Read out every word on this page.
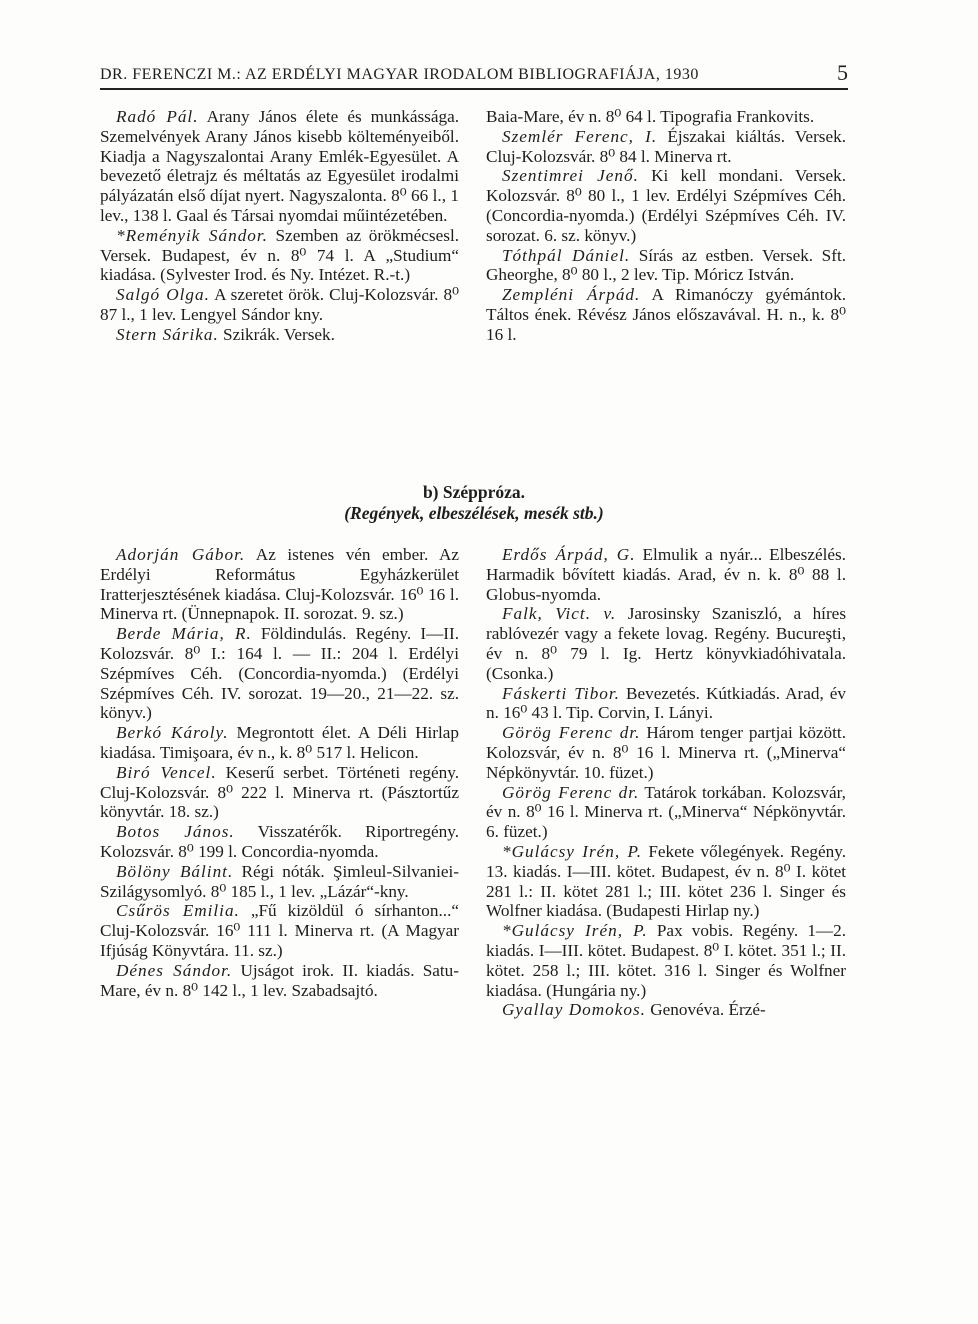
DR. FERENCZI M.: AZ ERDÉLYI MAGYAR IRODALOM BIBLIOGRAFIÁJA, 1930	5

Radó Pál. Arany János élete és munkássága. Szemelvények Arany János kisebb költeményeiből. Kiadja a Nagyszalontai Arany Emlék-Egyesület. A bevezető életrajz és méltatás az Egyesület irodalmi pályázatán első díjat nyert. Nagyszalonta. 8⁰ 66 l., 1 lev., 138 l. Gaal és Társai nyomdai műintézetében.

*Reményik Sándor. Szemben az örökmécsesl. Versek. Budapest, év n. 8⁰ 74 l. A „Studium“ kiadása. (Sylvester Irod. és Ny. Intézet. R.-t.)

Salgó Olga. A szeretet örök. Cluj-Kolozsvár. 8⁰ 87 l., 1 lev. Lengyel Sándor kny.

Stern Sárika. Szikrák. Versek.

Baia-Mare, év n. 8⁰ 64 l. Tipografia Frankovits.

Szemlér Ferenc, I. Éjszakai kiáltás. Versek. Cluj-Kolozsvár. 8⁰ 84 l. Minerva rt.

Szentimrei Jenő. Ki kell mondani. Versek. Kolozsvár. 8⁰ 80 l., 1 lev. Erdélyi Szépmíves Céh. (Concordia-nyomda.) (Erdélyi Szépmíves Céh. IV. sorozat. 6. sz. könyv.)

Tóthpál Dániel. Sírás az estben. Versek. Sft. Gheorghe, 8⁰ 80 l., 2 lev. Tip. Móricz István.

Zempléni Árpád. A Rimanóczy gyémántok. Táltos ének. Révész János előszavával. H. n., k. 8⁰ 16 l.

b) Széppróza.
(Regények, elbeszélések, mesék stb.)

Adorján Gábor. Az istenes vén ember. Az Erdélyi Református Egyházkerület Iratterjesztésének kiadása. Cluj-Kolozsvár. 16⁰ 16 l. Minerva rt. (Ünnepnapok. II. sorozat. 9. sz.)

Berde Mária, R. Földindulás. Regény. I—II. Kolozsvár. 8⁰ I.: 164 l. — II.: 204 l. Erdélyi Szépmíves Céh. (Concordia-nyomda.) (Erdélyi Szépmíves Céh. IV. sorozat. 19—20., 21—22. sz. könyv.)

Berkó Károly. Megrontott élet. A Déli Hirlap kiadása. Timişoara, év n., k. 8⁰ 517 l. Helicon.

Biró Vencel. Keserű serbet. Történeti regény. Cluj-Kolozsvár. 8⁰ 222 l. Minerva rt. (Pásztortűz könyvtár. 18. sz.)

Botos János. Visszatérők. Riportregény. Kolozsvár. 8⁰ 199 l. Concordia-nyomda.

Bölöny Bálint. Régi nóták. Şimleul-Silvaniei-Szilágysomlyó. 8⁰ 185 l., 1 lev. „Lázár“-kny.

Csűrös Emilia. „Fű kizöldül ó sírhanton...“ Cluj-Kolozsvár. 16⁰ 111 l. Minerva rt. (A Magyar Ifjúság Könyvtára. 11. sz.)

Dénes Sándor. Ujságot irok. II. kiadás. Satu-Mare, év n. 8⁰ 142 l., 1 lev. Szabadsajtó.

Erdős Árpád, G. Elmulik a nyár... Elbeszélés. Harmadik bővített kiadás. Arad, év n. k. 8⁰ 88 l. Globus-nyomda.

Falk, Vict. v. Jarosinsky Szaniszló, a híres rablóvezér vagy a fekete lovag. Regény. Bucureşti, év n. 8⁰ 79 l. Ig. Hertz könyvkiadóhivatala. (Csonka.)

Fáskerti Tibor. Bevezetés. Kútkiadás. Arad, év n. 16⁰ 43 l. Tip. Corvin, I. Lányi.

Görög Ferenc dr. Három tenger partjai között. Kolozsvár, év n. 8⁰ 16 l. Minerva rt. („Minerva“ Népkönyvtár. 10. füzet.)

Görög Ferenc dr. Tatárok torkában. Kolozsvár, év n. 8⁰ 16 l. Minerva rt. („Minerva“ Népkönyvtár. 6. füzet.)

*Gulácsy Irén, P. Fekete vőlegények. Regény. 13. kiadás. I—III. kötet. Budapest, év n. 8⁰ I. kötet 281 l.: II. kötet 281 l.; III. kötet 236 l. Singer és Wolfner kiadása. (Budapesti Hirlap ny.)

*Gulácsy Irén, P. Pax vobis. Regény. 1—2. kiadás. I—III. kötet. Budapest. 8⁰ I. kötet. 351 l.; II. kötet. 258 l.; III. kötet. 316 l. Singer és Wolfner kiadása. (Hungária ny.)

Gyallay Domokos. Genovéva. Érzé-
